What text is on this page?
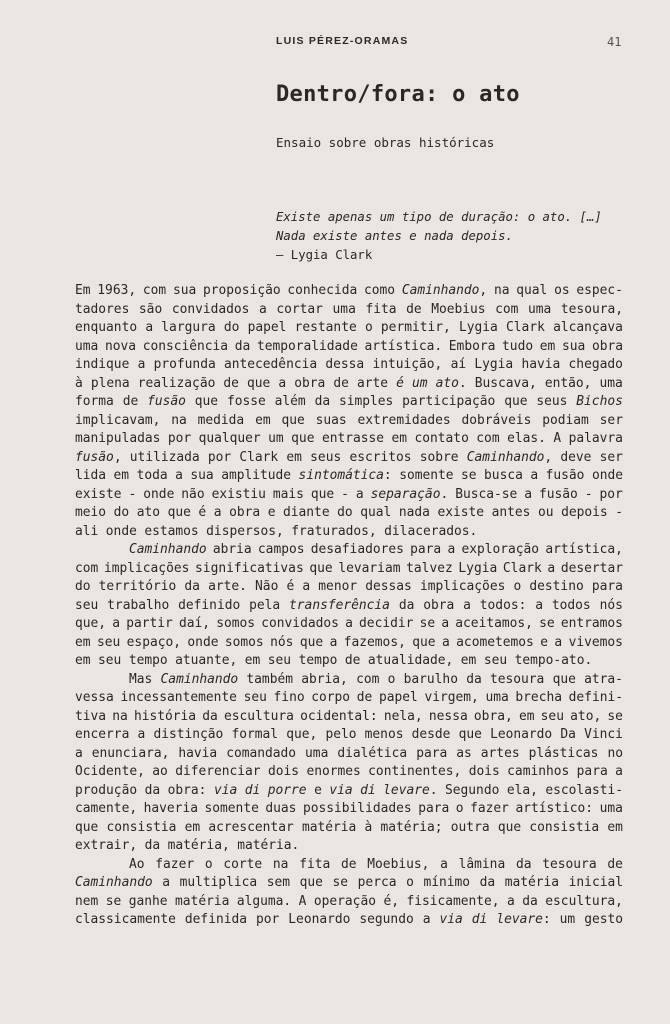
LUIS PÉREZ-ORAMAS	41
Dentro/fora: o ato
Ensaio sobre obras históricas
Existe apenas um tipo de duração: o ato. […]
Nada existe antes e nada depois.
— Lygia Clark
Em 1963, com sua proposição conhecida como Caminhando, na qual os espec-
tadores são convidados a cortar uma fita de Moebius com uma tesoura,
enquanto a largura do papel restante o permitir, Lygia Clark alcançava
uma nova consciência da temporalidade artística. Embora tudo em sua obra
indique a profunda antecedência dessa intuição, aí Lygia havia chegado
à plena realização de que a obra de arte é um ato. Buscava, então, uma
forma de fusão que fosse além da simples participação que seus Bichos
implicavam, na medida em que suas extremidades dobráveis podiam ser
manipuladas por qualquer um que entrasse em contato com elas. A palavra
fusão, utilizada por Clark em seus escritos sobre Caminhando, deve ser
lida em toda a sua amplitude sintomática: somente se busca a fusão onde
existe - onde não existiu mais que - a separação. Busca-se a fusão - por
meio do ato que é a obra e diante do qual nada existe antes ou depois -
ali onde estamos dispersos, fraturados, dilacerados.
Caminhando abria campos desafiadores para a exploração artística,
com implicações significativas que levariam talvez Lygia Clark a desertar
do território da arte. Não é a menor dessas implicações o destino para
seu trabalho definido pela transferência da obra a todos: a todos nós
que, a partir daí, somos convidados a decidir se a aceitamos, se entramos
em seu espaço, onde somos nós que a fazemos, que a acometemos e a vivemos
em seu tempo atuante, em seu tempo de atualidade, em seu tempo-ato.
Mas Caminhando também abria, com o barulho da tesoura que atra-
vessa incessantemente seu fino corpo de papel virgem, uma brecha defini-
tiva na história da escultura ocidental: nela, nessa obra, em seu ato, se
encerra a distinção formal que, pelo menos desde que Leonardo Da Vinci
a enunciara, havia comandado uma dialética para as artes plásticas no
Ocidente, ao diferenciar dois enormes continentes, dois caminhos para a
produção da obra: via di porre e via di levare. Segundo ela, escolasti-
camente, haveria somente duas possibilidades para o fazer artístico: uma
que consistia em acrescentar matéria à matéria; outra que consistia em
extrair, da matéria, matéria.
Ao fazer o corte na fita de Moebius, a lâmina da tesoura de
Caminhando a multiplica sem que se perca o mínimo da matéria inicial
nem se ganhe matéria alguma. A operação é, fisicamente, a da escultura,
classicamente definida por Leonardo segundo a via di levare: um gesto
